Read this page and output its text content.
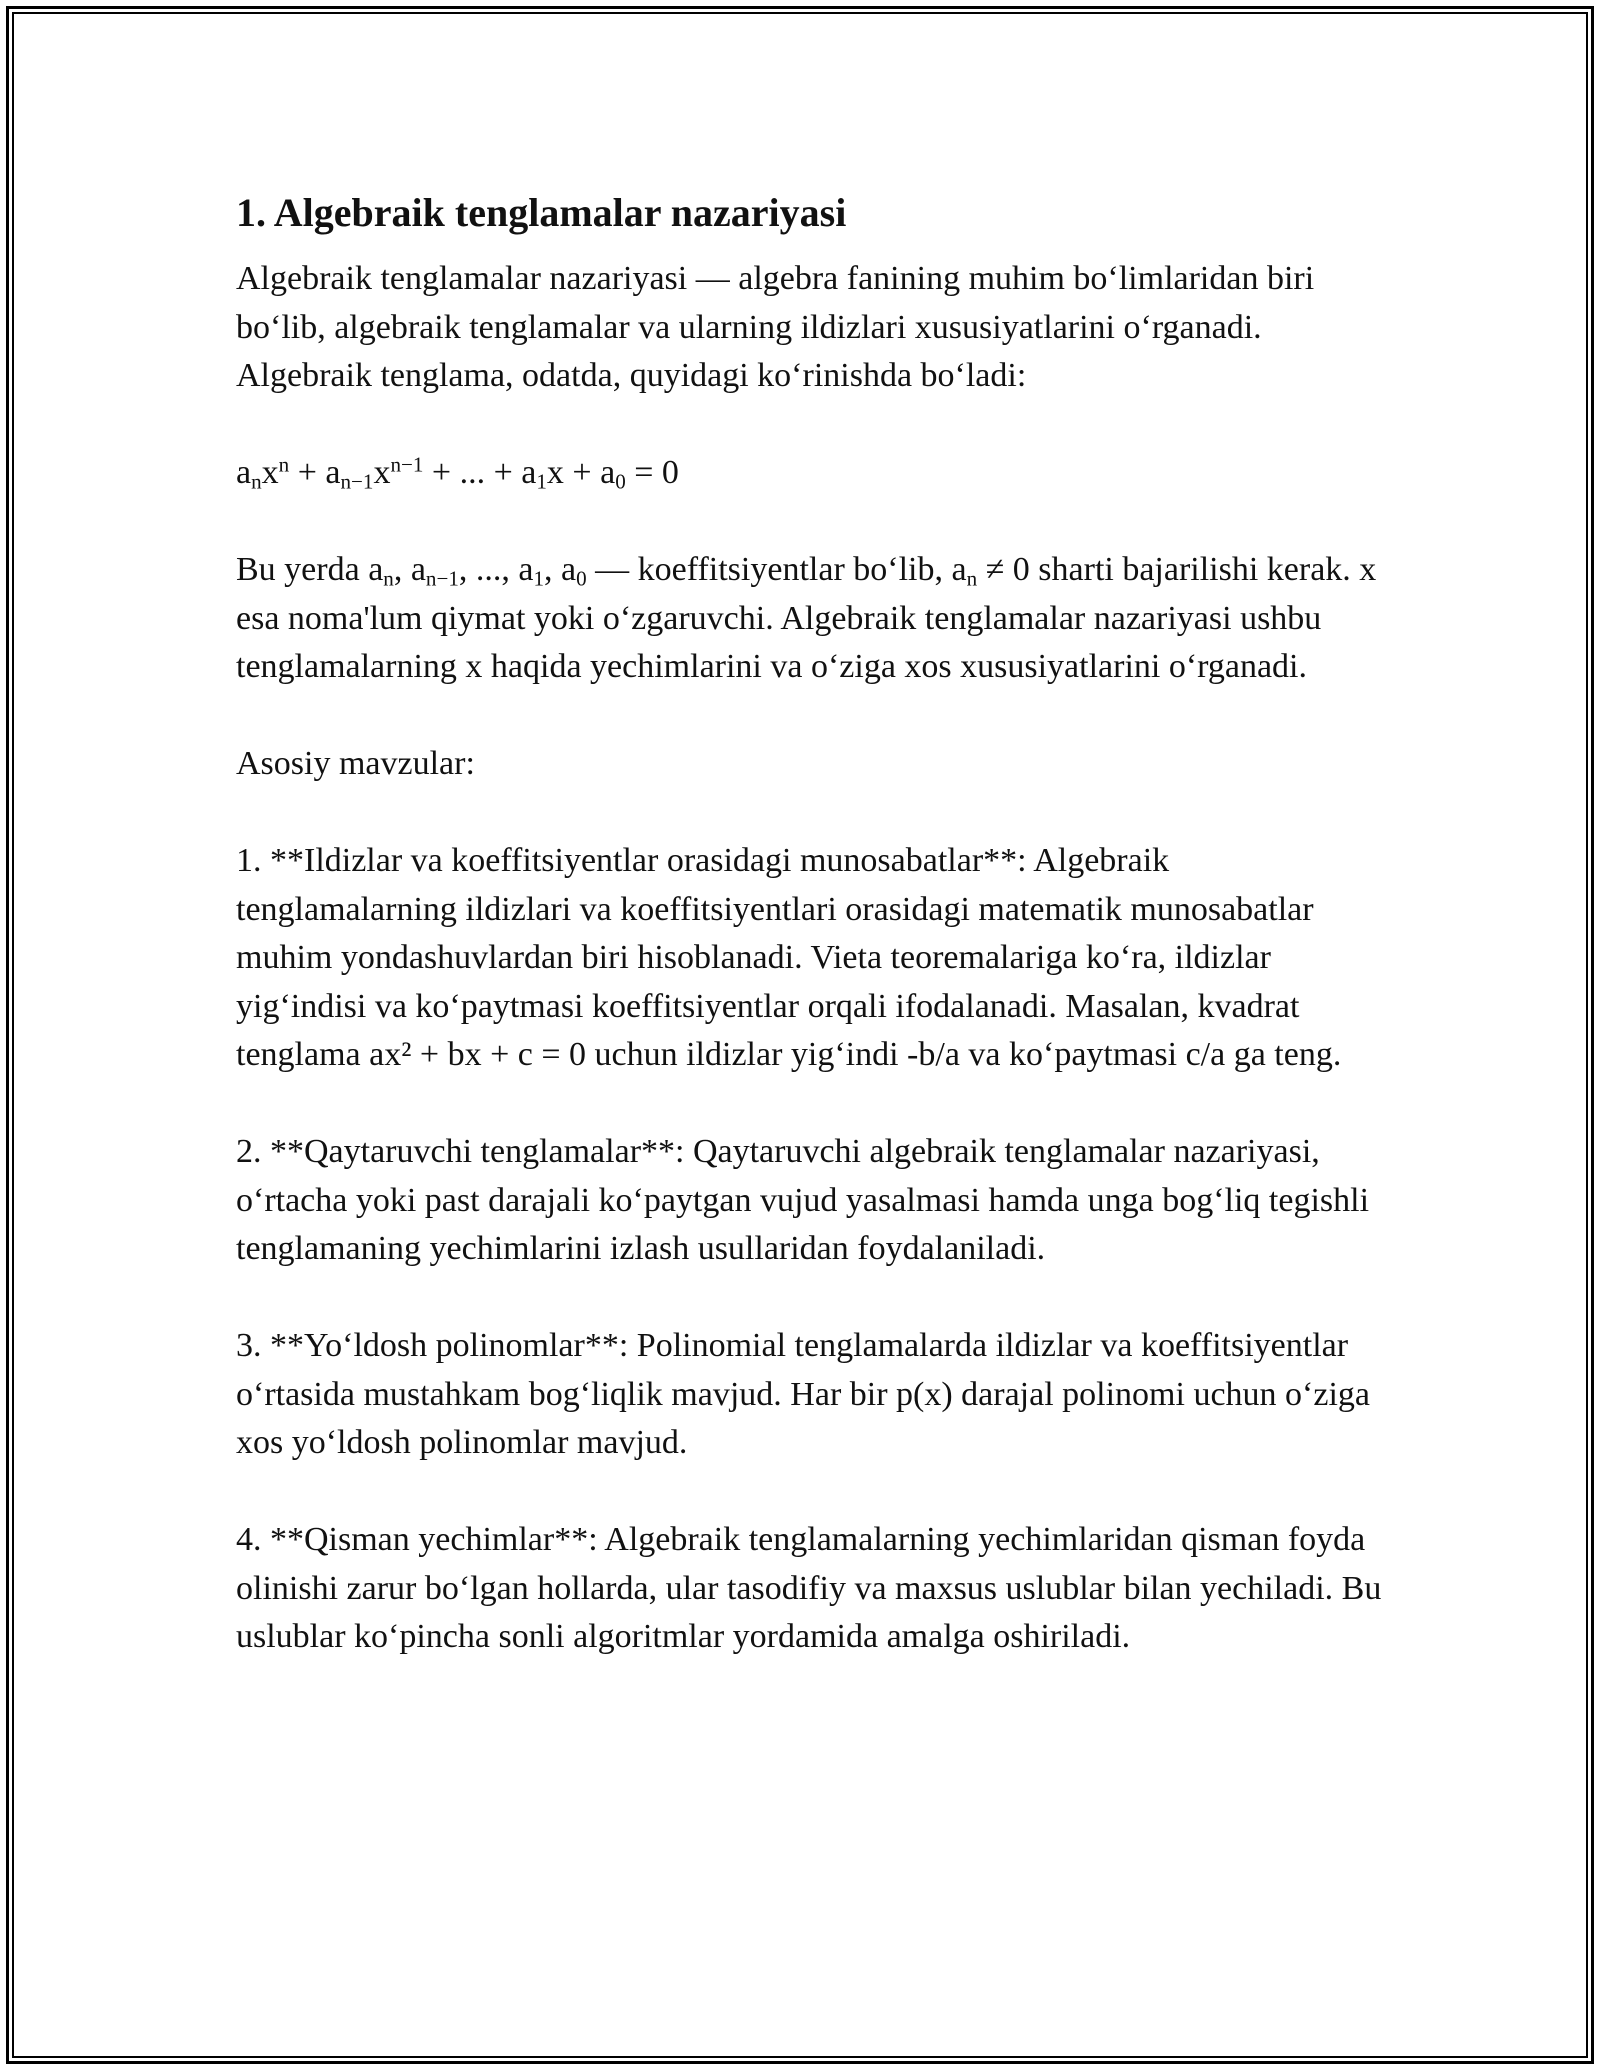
1. Algebraik tenglamalar nazariyasi

Algebraik tenglamalar nazariyasi — algebra fanining muhim bo‘limlaridan biri bo‘lib, algebraik tenglamalar va ularning ildizlari xususiyatlarini o‘rganadi. Algebraik tenglama, odatda, quyidagi ko‘rinishda bo‘ladi:

$a_nx^n + a_{n-1}x^{n-1}$ + ... + $a_1x + a_0 = 0$

Bu yerda $a_n$, $a_{n-1}$, ..., $a_1$, $a_0$ — koeffitsiyentlar bo‘lib, $a_n \ne 0$ sharti bajarilishi kerak. x esa noma'lum qiymat yoki o‘zgaruvchi. Algebraik tenglamalar nazariyasi ushbu tenglamalarning x haqida yechimlarini va o‘ziga xos xususiyatlarini o‘rganadi.

Asosiy mavzular:

1. **Ildizlar va koeffitsiyentlar orasidagi munosabatlar**: Algebraik tenglamalarning ildizlari va koeffitsiyentlari orasidagi matematik munosabatlar muhim yondashuvlardan biri hisoblanadi. Vieta teoremalariga ko‘ra, ildizlar yig‘indisi va ko‘paytmasi koeffitsiyentlar orqali ifodalanadi. Masalan, kvadrat tenglama ax² + bx + c = 0 uchun ildizlar yig‘indi -b/a va ko‘paytmasi c/a ga teng.

2. **Qaytaruvchi tenglamalar**: Qaytaruvchi algebraik tenglamalar nazariyasi, o‘rtacha yoki past darajali ko‘paytgan vujud yasalmasi hamda unga bog‘liq tegishli tenglamaning yechimlarini izlash usullaridan foydalaniladi.

3. **Yo‘ldosh polinomlar**: Polinomial tenglamalarda ildizlar va koeffitsiyentlar o‘rtasida mustahkam bog‘liqlik mavjud. Har bir p(x) darajal polinomi uchun o‘ziga xos yo‘ldosh polinomlar mavjud.

4. **Qisman yechimlar**: Algebraik tenglamalarning yechimlaridan qisman foyda olinishi zarur bo‘lgan hollarda, ular tasodifiy va maxsus uslublar bilan yechiladi. Bu uslublar ko‘pincha sonli algoritmlar yordamida amalga oshiriladi.
